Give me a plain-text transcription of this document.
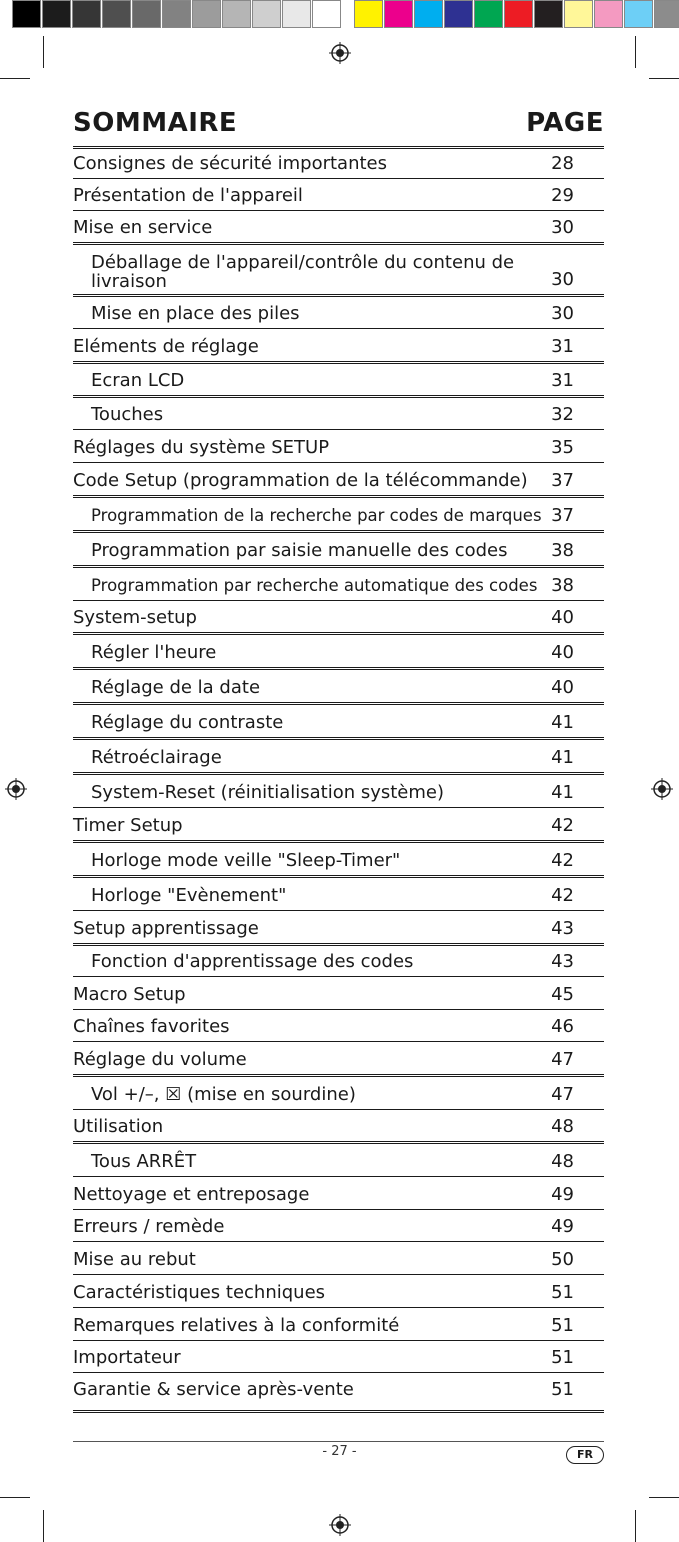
SOMMAIRE	PAGE
Consignes de sécurité importantes	28
Présentation de l'appareil	29
Mise en service	30
Déballage de l'appareil/contrôle du contenu de livraison	30
Mise en place des piles	30
Eléments de réglage	31
Ecran LCD	31
Touches	32
Réglages du système SETUP	35
Code Setup (programmation de la télécommande) 37
Programmation de la recherche par codes de marques 37
Programmation par saisie manuelle des codes 38
Programmation par recherche automatique des codes 38
System-setup	40
Régler l'heure	40
Réglage de la date	40
Réglage du contraste	41
Rétroéclairage	41
System-Reset (réinitialisation système)	41
Timer Setup	42
Horloge mode veille "Sleep-Timer"	42
Horloge "Evènement"	42
Setup apprentissage	43
Fonction d'apprentissage des codes	43
Macro Setup	45
Chaînes favorites	46
Réglage du volume	47
Vol +/–, ☒ (mise en sourdine)	47
Utilisation	48
Tous ARRÊT	48
Nettoyage et entreposage	49
Erreurs / remède	49
Mise au rebut	50
Caractéristiques techniques	51
Remarques relatives à la conformité	51
Importateur	51
Garantie & service après-vente	51
- 27 -	FR
